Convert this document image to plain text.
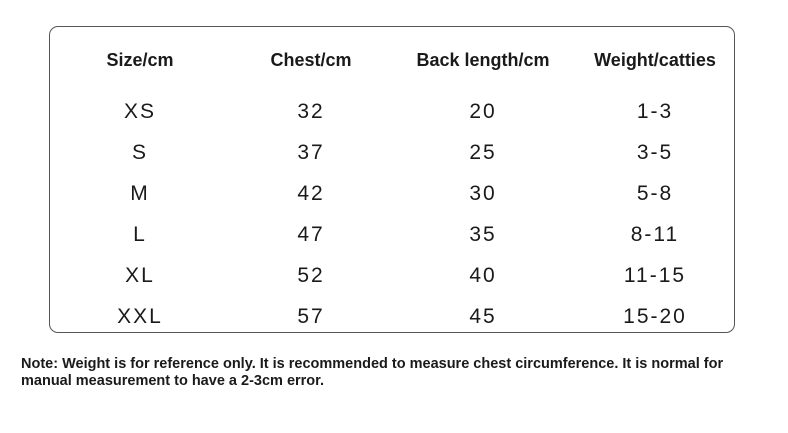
Size/cm	Chest/cm	Back length/cm	Weight/catties
XS	32	20	1-3
S	37	25	3-5
M	42	30	5-8
L	47	35	8-11
XL	52	40	11-15
XXL	57	45	15-20

Note: Weight is for reference only. It is recommended to measure chest circumference. It is normal for manual measurement to have a 2-3cm error.
